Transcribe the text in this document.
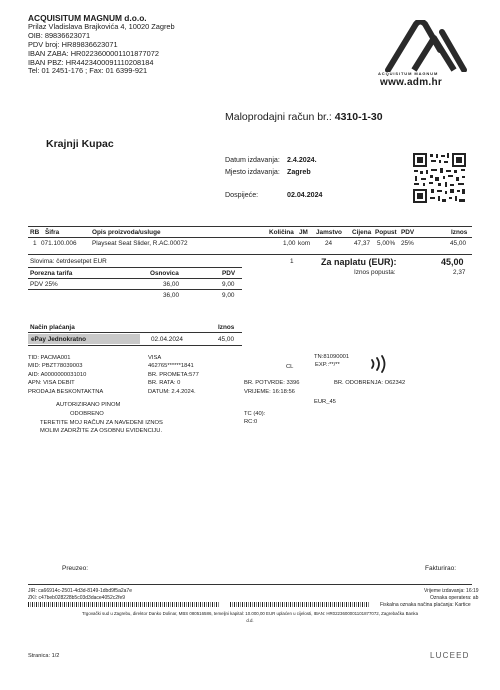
ACQUISITUM MAGNUM d.o.o.
Prilaz Vladislava Brajkovića 4, 10020 Zagreb
OIB: 89836623071
PDV broj: HR89836623071
IBAN ZABA: HR0223600001101877072
IBAN PBZ: HR4423400091110208184
Tel: 01 2451-176 ; Fax: 01 6399-921	ACQUISITUM MAGNUM
www.adm.hr
Maloprodajni račun br.: 4310-1-30
Krajnji Kupac
Datum izdavanja: 2.4.2024.
Mjesto izdavanja: Zagreb
Dospijeće:	02.04.2024
RB Šifra	Opis proizvoda/usluge	Količina JM Jamstvo Cijena Popust PDV	Iznos
1 071.100.006 Playseat Seat Slider, R.AC.00072	1,00 kom 24	47,37 5,00% 25%	45,00
Slovima: četrdesetpet EUR	1	Za naplatu (EUR):	45,00
Iznos popusta:	2,37
Porezna tarifa	Osnovica	PDV
PDV 25%	36,00	9,00
36,00	9,00
Način plaćanja	Iznos
ePay Jednokratno	02.04.2024	45,00
TID: PACMA001
MID: PBZT78039003
AID: A0000000031010
APN: VISA DEBIT
PRODAJA BESKONTAKTNA
VISA
462765******1841
BR. PROMETA:577
BR. RATA: 0
DATUM: 2.4.2024.
TN:81090001
CL	EXP.:**/**
BR. POTVRDE: 3396	BR. ODOBRENJA: O62342
VRIJEME: 16:18:56
EUR_45
AUTORIZIRANO PINOM
ODOBRENO
TERETITE MOJ RAČUN ZA NAVEDENI IZNOS
MOLIM ZADRŽITE ZA OSOBNU EVIDENCIJU.
TC (40):
RC:0
Preuzeo:	Fakturirao:
JIR: ca66914c-2501-4d3d-8149-1dbd9f5a2a7e
ZKI: c47beb028228b5c03d3dace4052c2fe9
Vrijeme izdavanja: 16:19
Oznaka operatera: ab
Fiskalna oznaka načina plaćanja: Kartice
Trgovački sud u Zagrebu, direktor Danko Dolinar, MBS 080516586, temeljni kapital: 10.000,00 EUR uplaćen u cijelosti, IBAN: HR0223600001101877072, Zagrebačka Banka d.d.
Stranica: 1/2	LUCEED
